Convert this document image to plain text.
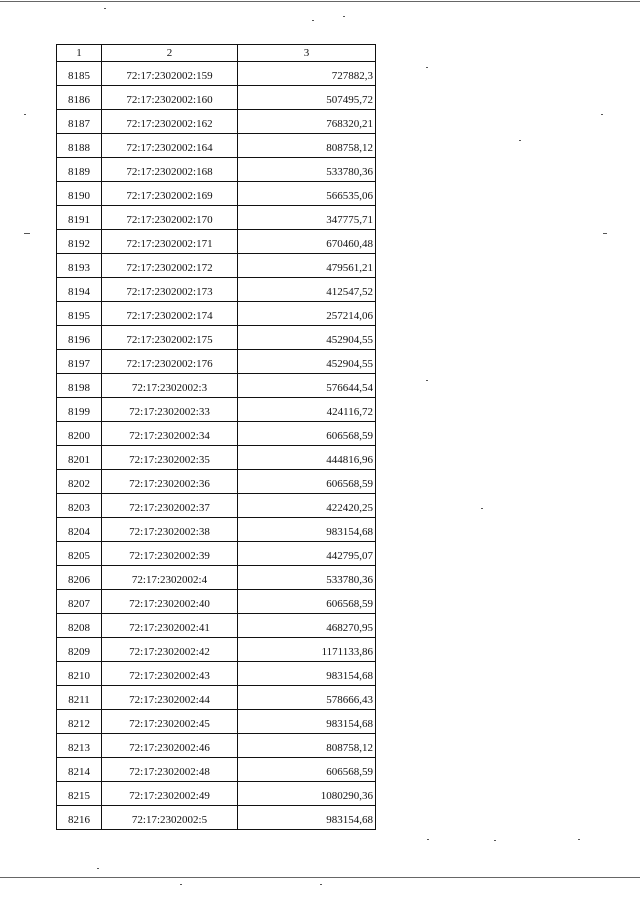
1	2	3
8185	72:17:2302002:159	727882,3
8186	72:17:2302002:160	507495,72
8187	72:17:2302002:162	768320,21
8188	72:17:2302002:164	808758,12
8189	72:17:2302002:168	533780,36
8190	72:17:2302002:169	566535,06
8191	72:17:2302002:170	347775,71
8192	72:17:2302002:171	670460,48
8193	72:17:2302002:172	479561,21
8194	72:17:2302002:173	412547,52
8195	72:17:2302002:174	257214,06
8196	72:17:2302002:175	452904,55
8197	72:17:2302002:176	452904,55
8198	72:17:2302002:3	576644,54
8199	72:17:2302002:33	424116,72
8200	72:17:2302002:34	606568,59
8201	72:17:2302002:35	444816,96
8202	72:17:2302002:36	606568,59
8203	72:17:2302002:37	422420,25
8204	72:17:2302002:38	983154,68
8205	72:17:2302002:39	442795,07
8206	72:17:2302002:4	533780,36
8207	72:17:2302002:40	606568,59
8208	72:17:2302002:41	468270,95
8209	72:17:2302002:42	1171133,86
8210	72:17:2302002:43	983154,68
8211	72:17:2302002:44	578666,43
8212	72:17:2302002:45	983154,68
8213	72:17:2302002:46	808758,12
8214	72:17:2302002:48	606568,59
8215	72:17:2302002:49	1080290,36
8216	72:17:2302002:5	983154,68
